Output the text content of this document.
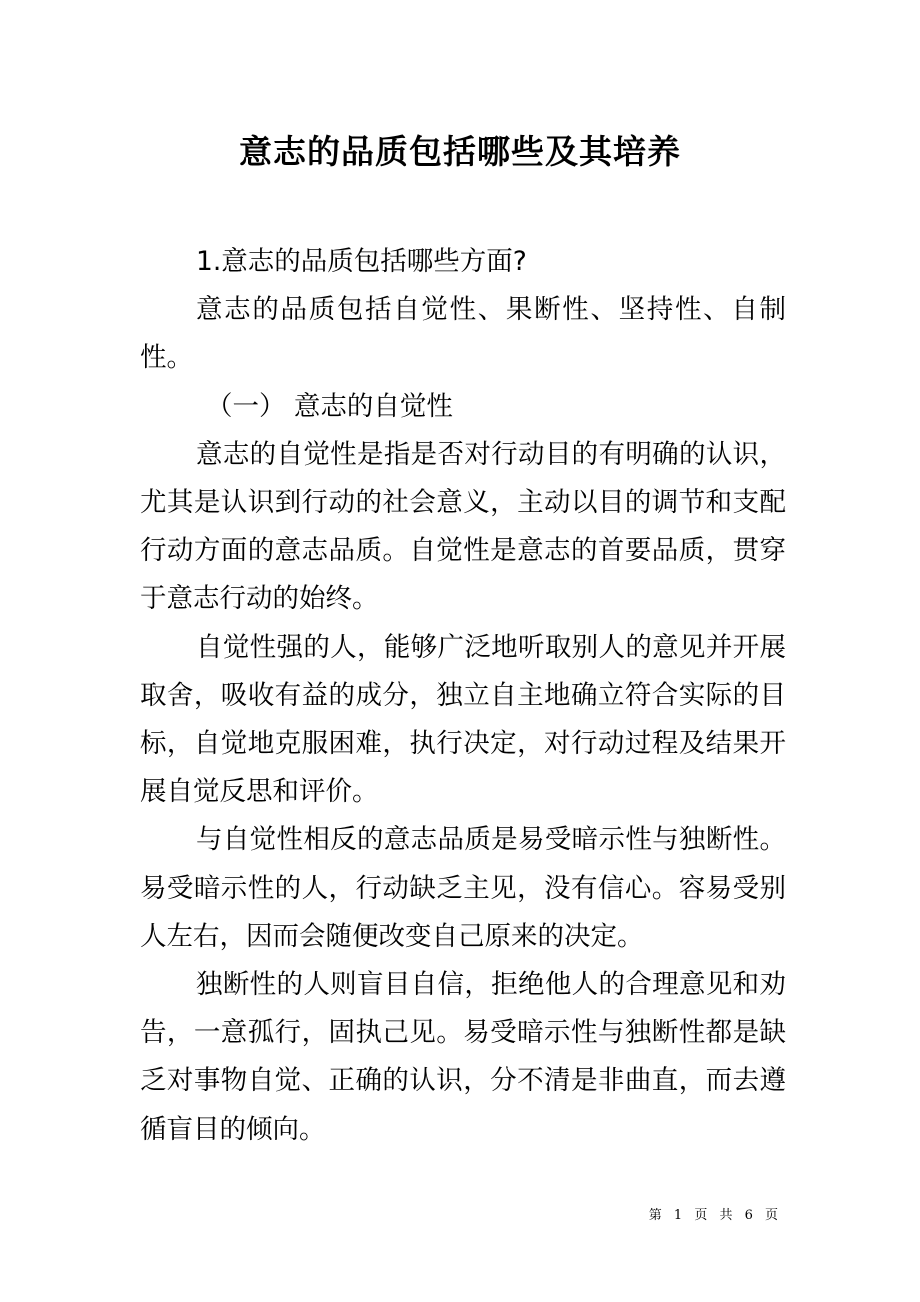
意志的品质包括哪些及其培养

1.意志的品质包括哪些方面?

意志的品质包括自觉性、果断性、坚持性、自制性。

（一） 意志的自觉性

意志的自觉性是指是否对行动目的有明确的认识，尤其是认识到行动的社会意义，主动以目的调节和支配行动方面的意志品质。自觉性是意志的首要品质，贯穿于意志行动的始终。

自觉性强的人，能够广泛地听取别人的意见并开展取舍，吸收有益的成分，独立自主地确立符合实际的目标，自觉地克服困难，执行决定，对行动过程及结果开展自觉反思和评价。

与自觉性相反的意志品质是易受暗示性与独断性。易受暗示性的人，行动缺乏主见，没有信心。容易受别人左右，因而会随便改变自己原来的决定。

独断性的人则盲目自信，拒绝他人的合理意见和劝告，一意孤行，固执己见。易受暗示性与独断性都是缺乏对事物自觉、正确的认识，分不清是非曲直，而去遵循盲目的倾向。

第 1 页 共 6 页
